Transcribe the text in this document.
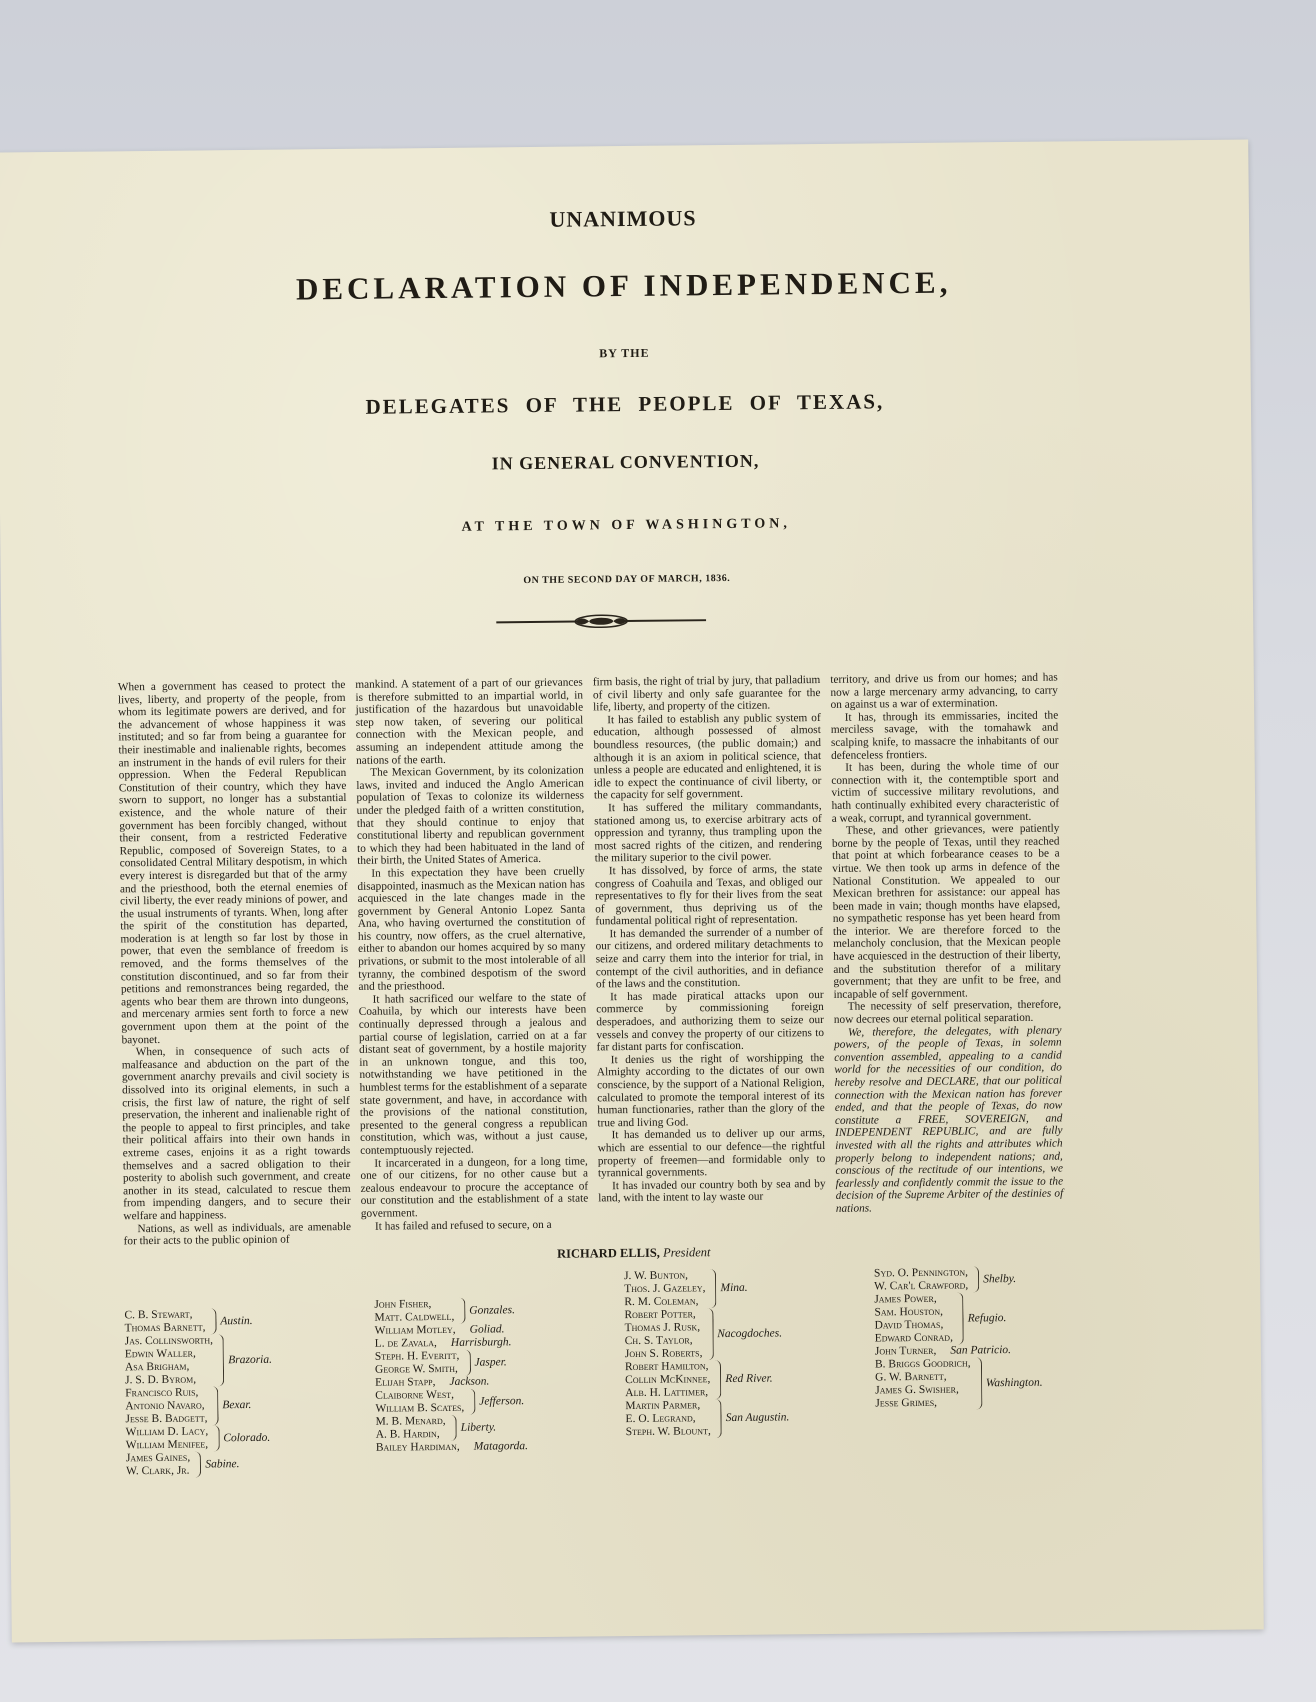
UNANIMOUS
DECLARATION OF INDEPENDENCE,
BY THE
DELEGATES OF THE PEOPLE OF TEXAS,
IN GENERAL CONVENTION,
AT THE TOWN OF WASHINGTON,
ON THE SECOND DAY OF MARCH, 1836.

When a government has ceased to protect the lives, liberty, and property of the people, from whom its legitimate powers are derived, and for the advancement of whose happiness it was instituted; and so far from being a guarantee for their inestimable and inalienable rights, becomes an instrument in the hands of evil rulers for their oppression. When the Federal Republican Constitution of their country, which they have sworn to support, no longer has a substantial existence, and the whole nature of their government has been forcibly changed, without their consent, from a restricted Federative Republic, composed of Sovereign States, to a consolidated Central Military despotism, in which every interest is disregarded but that of the army and the priesthood, both the eternal enemies of civil liberty, the ever ready minions of power, and the usual instruments of tyrants. When, long after the spirit of the constitution has departed, moderation is at length so far lost by those in power, that even the semblance of freedom is removed, and the forms themselves of the constitution discontinued, and so far from their petitions and remonstrances being regarded, the agents who bear them are thrown into dungeons, and mercenary armies sent forth to force a new government upon them at the point of the bayonet.

When, in consequence of such acts of malfeasance and abduction on the part of the government anarchy prevails and civil society is dissolved into its original elements, in such a crisis, the first law of nature, the right of self preservation, the inherent and inalienable right of the people to appeal to first principles, and take their political affairs into their own hands in extreme cases, enjoins it as a right towards themselves and a sacred obligation to their posterity to abolish such government, and create another in its stead, calculated to rescue them from impending dangers, and to secure their welfare and happiness.

Nations, as well as individuals, are amenable for their acts to the public opinion of

mankind. A statement of a part of our grievances is therefore submitted to an impartial world, in justification of the hazardous but unavoidable step now taken, of severing our political connection with the Mexican people, and assuming an independent attitude among the nations of the earth.

The Mexican Government, by its colonization laws, invited and induced the Anglo American population of Texas to colonize its wilderness under the pledged faith of a written constitution, that they should continue to enjoy that constitutional liberty and republican government to which they had been habituated in the land of their birth, the United States of America.

In this expectation they have been cruelly disappointed, inasmuch as the Mexican nation has acquiesced in the late changes made in the government by General Antonio Lopez Santa Ana, who having overturned the constitution of his country, now offers, as the cruel alternative, either to abandon our homes acquired by so many privations, or submit to the most intolerable of all tyranny, the combined despotism of the sword and the priesthood.

It hath sacrificed our welfare to the state of Coahuila, by which our interests have been continually depressed through a jealous and partial course of legislation, carried on at a far distant seat of government, by a hostile majority in an unknown tongue, and this too, notwithstanding we have petitioned in the humblest terms for the establishment of a separate state government, and have, in accordance with the provisions of the national constitution, presented to the general congress a republican constitution, which was, without a just cause, contemptuously rejected.

It incarcerated in a dungeon, for a long time, one of our citizens, for no other cause but a zealous endeavour to procure the acceptance of our constitution and the establishment of a state government.

It has failed and refused to secure, on a

firm basis, the right of trial by jury, that palladium of civil liberty and only safe guarantee for the life, liberty, and property of the citizen.

It has failed to establish any public system of education, although possessed of almost boundless resources, (the public domain;) and although it is an axiom in political science, that unless a people are educated and enlightened, it is idle to expect the continuance of civil liberty, or the capacity for self government.

It has suffered the military commandants, stationed among us, to exercise arbitrary acts of oppression and tyranny, thus trampling upon the most sacred rights of the citizen, and rendering the military superior to the civil power.

It has dissolved, by force of arms, the state congress of Coahuila and Texas, and obliged our representatives to fly for their lives from the seat of government, thus depriving us of the fundamental political right of representation.

It has demanded the surrender of a number of our citizens, and ordered military detachments to seize and carry them into the interior for trial, in contempt of the civil authorities, and in defiance of the laws and the constitution.

It has made piratical attacks upon our commerce by commissioning foreign desperadoes, and authorizing them to seize our vessels and convey the property of our citizens to far distant parts for confiscation.

It denies us the right of worshipping the Almighty according to the dictates of our own conscience, by the support of a National Religion, calculated to promote the temporal interest of its human functionaries, rather than the glory of the true and living God.

It has demanded us to deliver up our arms, which are essential to our defence—the rightful property of freemen—and formidable only to tyrannical governments.

It has invaded our country both by sea and by land, with the intent to lay waste our

territory, and drive us from our homes; and has now a large mercenary army advancing, to carry on against us a war of extermination.

It has, through its emmissaries, incited the merciless savage, with the tomahawk and scalping knife, to massacre the inhabitants of our defenceless frontiers.

It has been, during the whole time of our connection with it, the contemptible sport and victim of successive military revolutions, and hath continually exhibited every characteristic of a weak, corrupt, and tyrannical government.

These, and other grievances, were patiently borne by the people of Texas, until they reached that point at which forbearance ceases to be a virtue. We then took up arms in defence of the National Constitution. We appealed to our Mexican brethren for assistance: our appeal has been made in vain; though months have elapsed, no sympathetic response has yet been heard from the interior. We are therefore forced to the melancholy conclusion, that the Mexican people have acquiesced in the destruction of their liberty, and the substitution therefor of a military government; that they are unfit to be free, and incapable of self government.

The necessity of self preservation, therefore, now decrees our eternal political separation.

We, therefore, the delegates, with plenary powers, of the people of Texas, in solemn convention assembled, appealing to a candid world for the necessities of our condition, do hereby resolve and DECLARE, that our political connection with the Mexican nation has forever ended, and that the people of Texas, do now constitute a FREE, SOVEREIGN, and INDEPENDENT REPUBLIC, and are fully invested with all the rights and attributes which properly belong to independent nations; and, conscious of the rectitude of our intentions, we fearlessly and confidently commit the issue to the decision of the Supreme Arbiter of the destinies of nations.

RICHARD ELLIS, President
C. B. Stewart,
Thomas Barnett,
Austin.
Jas. Collinsworth,
Edwin Waller,
Asa Brigham,
J. S. D. Byrom,
Brazoria.
Francisco Ruis,
Antonio Navaro,
Jesse B. Badgett,
Bexar.
William D. Lacy,
William Menifee,
Colorado.
James Gaines,
W. Clark, Jr.
Sabine.
John Fisher,
Matt. Caldwell,
Gonzales.
William Motley, Goliad.
L. de Zavala, Harrisburgh.
Steph. H. Everitt,
George W. Smith,
Jasper.
Elijah Stapp, Jackson.
Claiborne West,
William B. Scates,
Jefferson.
M. B. Menard,
A. B. Hardin,
Liberty.
Bailey Hardiman, Matagorda.
J. W. Bunton,
Thos. J. Gazeley,
R. M. Coleman,
Mina.
Robert Potter,
Thomas J. Rusk,
Ch. S. Taylor,
John S. Roberts,
Nacogdoches.
Robert Hamilton,
Collin McKinnee,
Alb. H. Lattimer,
Red River.
Martin Parmer,
E. O. Legrand,
Steph. W. Blount,
San Augustin.
Syd. O. Pennington,
W. Car'l Crawford,
Shelby.
James Power,
Sam. Houston,
David Thomas,
Edward Conrad,
Refugio.
John Turner, San Patricio.
B. Briggs Goodrich,
G. W. Barnett,
James G. Swisher,
Jesse Grimes,
Washington.
